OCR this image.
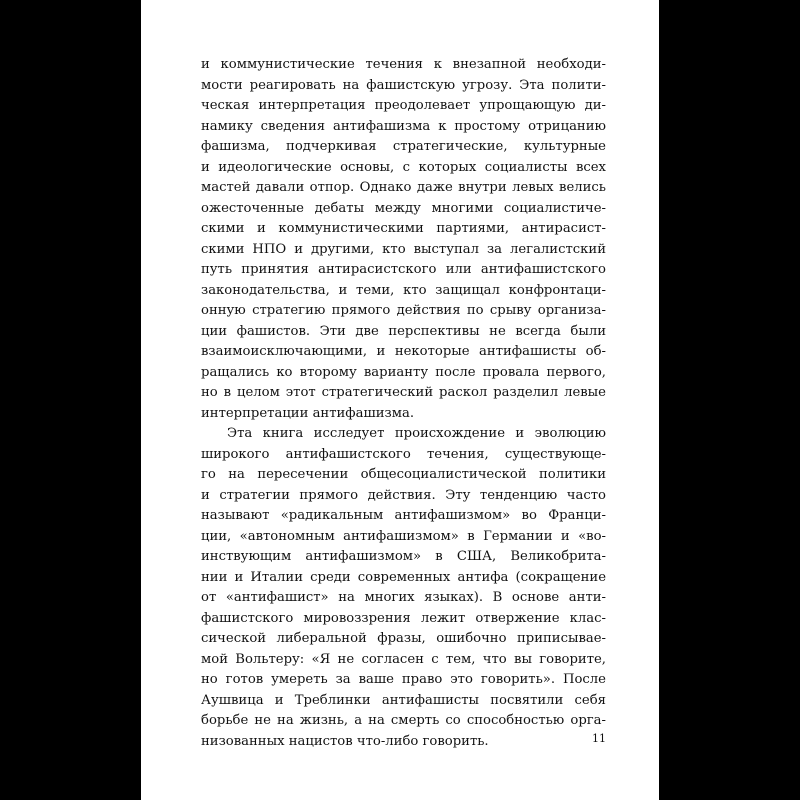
и коммунистические течения к внезапной необходи-
мости реагировать на фашистскую угрозу. Эта полити-
ческая интерпретация преодолевает упрощающую ди-
намику сведения антифашизма к простому отрицанию
фашизма, подчеркивая стратегические, культурные
и идеологические основы, с которых социалисты всех
мастей давали отпор. Однако даже внутри левых велись
ожесточенные дебаты между многими социалистиче-
скими и коммунистическими партиями, антирасист-
скими НПО и другими, кто выступал за легалистский
путь принятия антирасистского или антифашистского
законодательства, и теми, кто защищал конфронтаци-
онную стратегию прямого действия по срыву организа-
ции фашистов. Эти две перспективы не всегда были
взаимоисключающими, и некоторые антифашисты об-
ращались ко второму варианту после провала первого,
но в целом этот стратегический раскол разделил левые
интерпретации антифашизма.

Эта книга исследует происхождение и эволюцию
широкого антифашистского течения, существующе-
го на пересечении общесоциалистической политики
и стратегии прямого действия. Эту тенденцию часто
называют «радикальным антифашизмом» во Франци-
ции, «автономным антифашизмом» в Германии и «во-
инствующим антифашизмом» в США, Великобрита-
нии и Италии среди современных антифа (сокращение
от «антифашист» на многих языках). В основе анти-
фашистского мировоззрения лежит отвержение клас-
сической либеральной фразы, ошибочно приписывае-
мой Вольтеру: «Я не согласен с тем, что вы говорите,
но готов умереть за ваше право это говорить». После
Аушвица и Треблинки антифашисты посвятили себя
борьбе не на жизнь, а на смерть со способностью орга-
низованных нацистов что-либо говорить.	11
